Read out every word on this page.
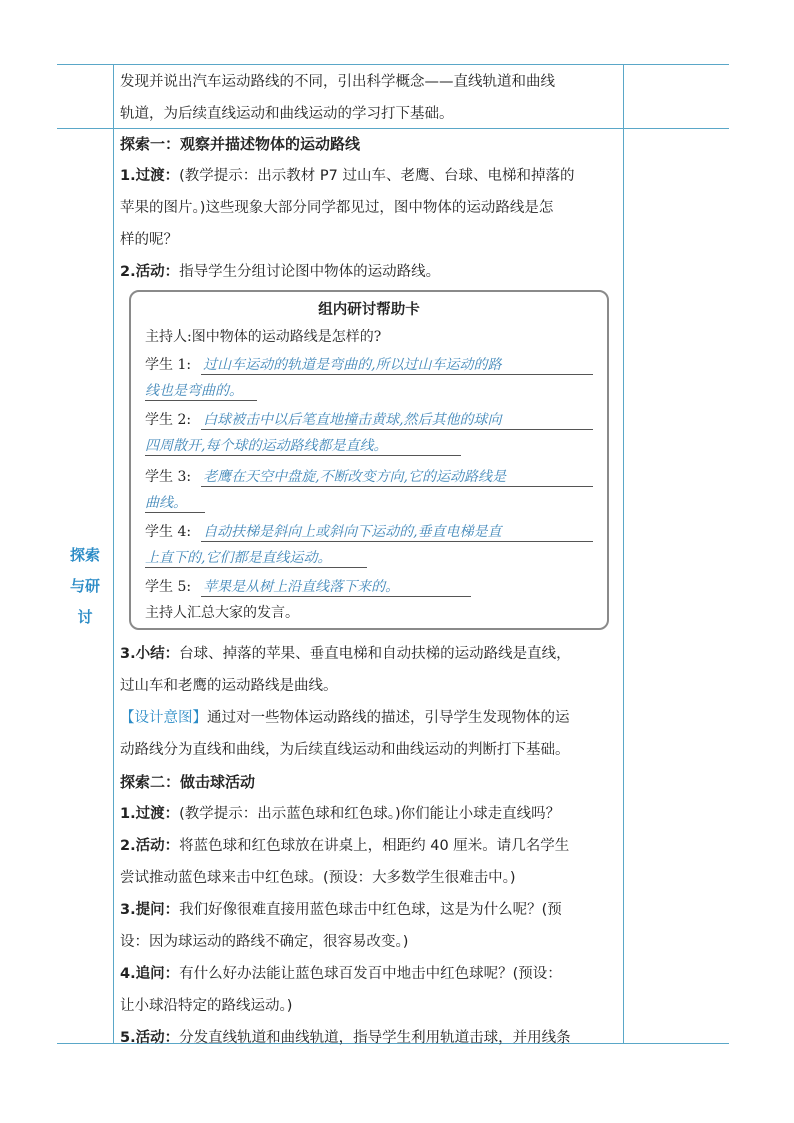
发现并说出汽车运动路线的不同，引出科学概念——直线轨道和曲线

轨道，为后续直线运动和曲线运动的学习打下基础。

探索
与研
讨

探索一：观察并描述物体的运动路线

1.过渡：(教学提示：出示教材 P7 过山车、老鹰、台球、电梯和掉落的

苹果的图片。)这些现象大部分同学都见过，图中物体的运动路线是怎

样的呢？

2.活动：指导学生分组讨论图中物体的运动路线。

组内研讨帮助卡
主持人:图中物体的运动路线是怎样的?
学生 1: 过山车运动的轨道是弯曲的,所以过山车运动的路
线也是弯曲的。
学生 2: 白球被击中以后笔直地撞击黄球,然后其他的球向
四周散开,每个球的运动路线都是直线。
学生 3: 老鹰在天空中盘旋,不断改变方向,它的运动路线是
曲线。
学生 4: 自动扶梯是斜向上或斜向下运动的,垂直电梯是直
上直下的,它们都是直线运动。
学生 5: 苹果是从树上沿直线落下来的。
主持人汇总大家的发言。

3.小结：台球、掉落的苹果、垂直电梯和自动扶梯的运动路线是直线，

过山车和老鹰的运动路线是曲线。

【设计意图】通过对一些物体运动路线的描述，引导学生发现物体的运

动路线分为直线和曲线，为后续直线运动和曲线运动的判断打下基础。

探索二：做击球活动

1.过渡：(教学提示：出示蓝色球和红色球。)你们能让小球走直线吗？

2.活动：将蓝色球和红色球放在讲桌上，相距约 40 厘米。请几名学生

尝试推动蓝色球来击中红色球。(预设：大多数学生很难击中。)

3.提问：我们好像很难直接用蓝色球击中红色球，这是为什么呢？(预

设：因为球运动的路线不确定，很容易改变。)

4.追问：有什么好办法能让蓝色球百发百中地击中红色球呢？(预设：

让小球沿特定的路线运动。)

5.活动：分发直线轨道和曲线轨道，指导学生利用轨道击球，并用线条
